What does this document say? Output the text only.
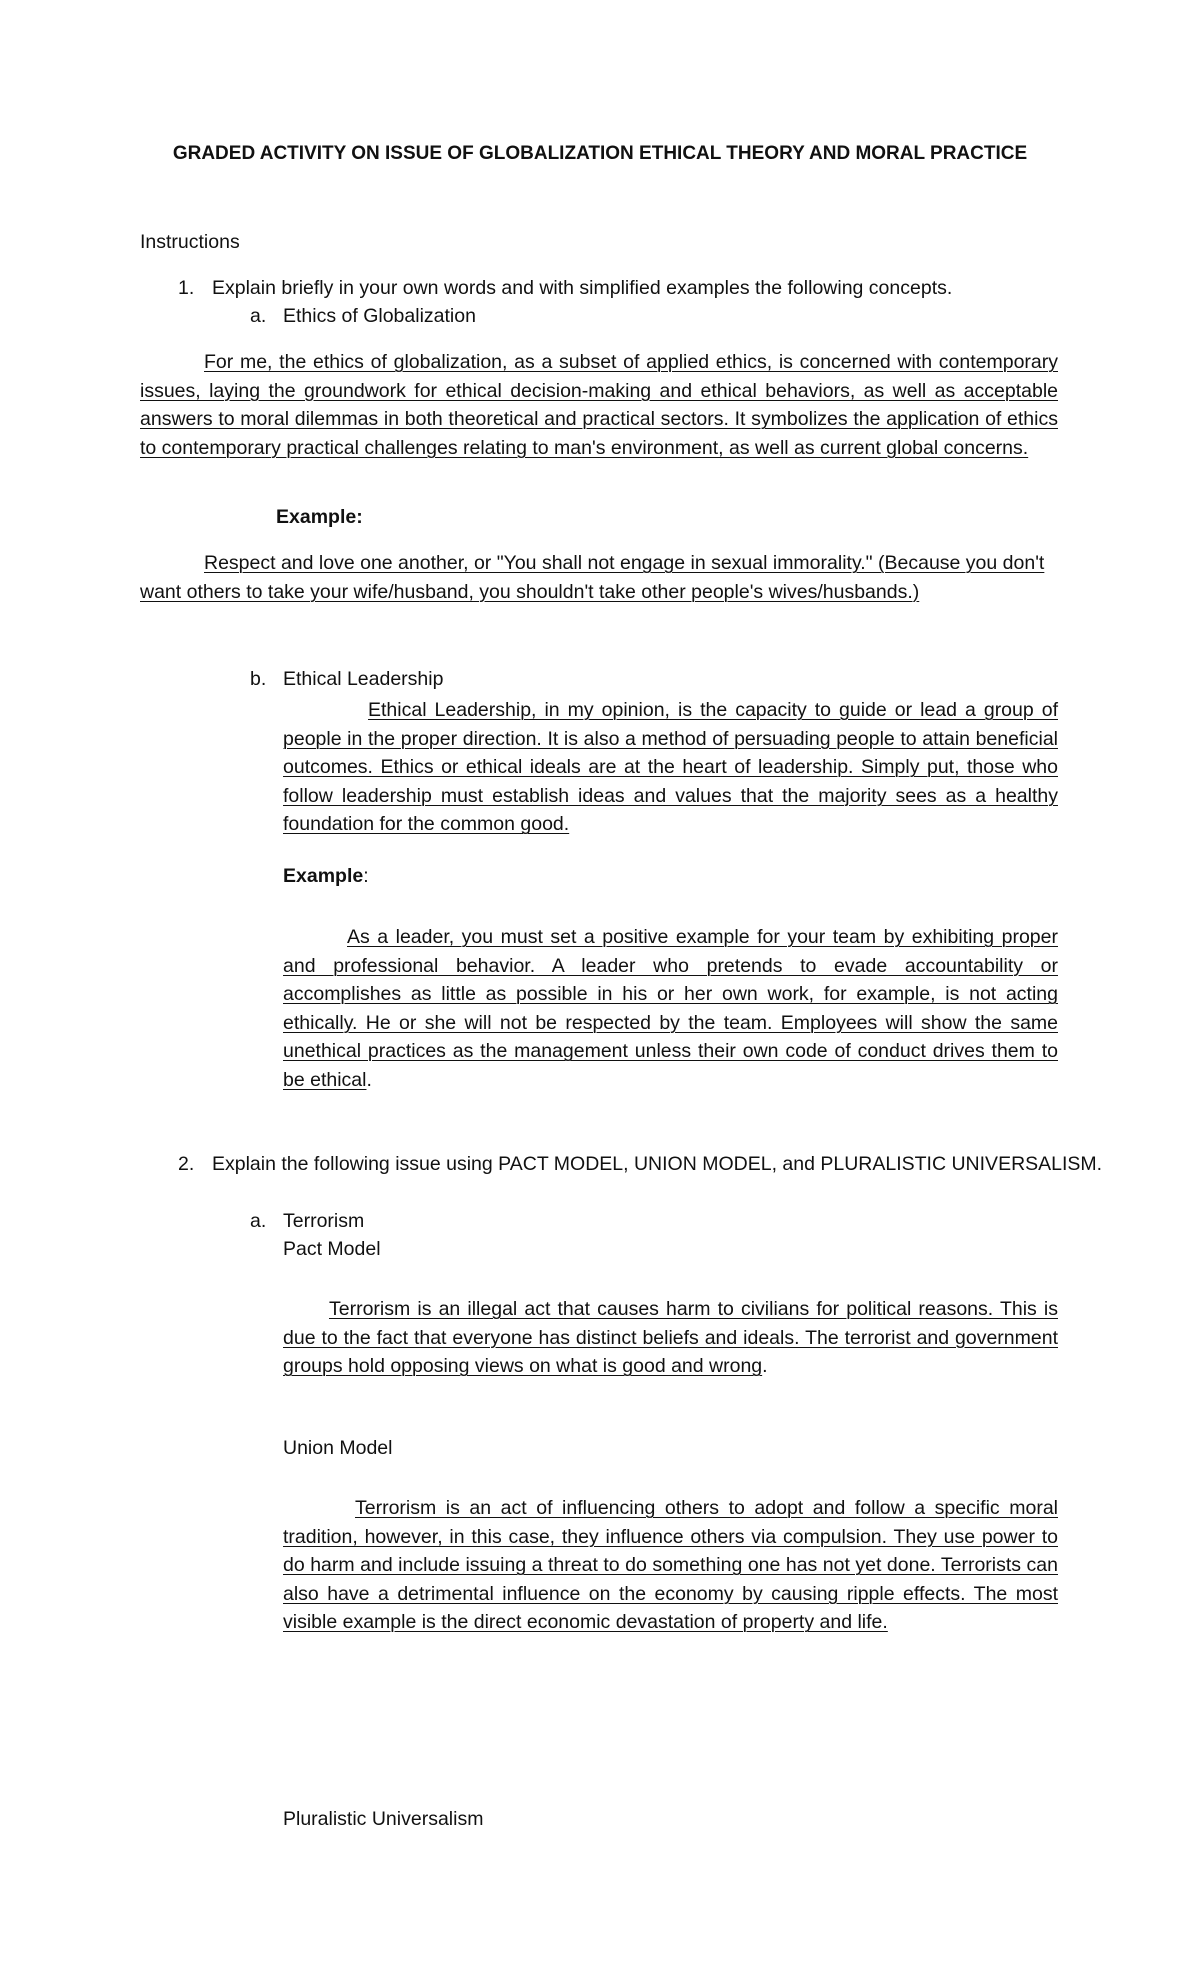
GRADED ACTIVITY ON ISSUE OF GLOBALIZATION ETHICAL THEORY AND MORAL PRACTICE
Instructions
1. Explain briefly in your own words and with simplified examples the following concepts.
a. Ethics of Globalization
For me, the ethics of globalization, as a subset of applied ethics, is concerned with contemporary issues, laying the groundwork for ethical decision-making and ethical behaviors, as well as acceptable answers to moral dilemmas in both theoretical and practical sectors. It symbolizes the application of ethics to contemporary practical challenges relating to man's environment, as well as current global concerns.
Example:
Respect and love one another, or "You shall not engage in sexual immorality." (Because you don't want others to take your wife/husband, you shouldn't take other people's wives/husbands.)
b. Ethical Leadership
Ethical Leadership, in my opinion, is the capacity to guide or lead a group of people in the proper direction. It is also a method of persuading people to attain beneficial outcomes. Ethics or ethical ideals are at the heart of leadership. Simply put, those who follow leadership must establish ideas and values that the majority sees as a healthy foundation for the common good.
Example:
As a leader, you must set a positive example for your team by exhibiting proper and professional behavior. A leader who pretends to evade accountability or accomplishes as little as possible in his or her own work, for example, is not acting ethically. He or she will not be respected by the team. Employees will show the same unethical practices as the management unless their own code of conduct drives them to be ethical.
2. Explain the following issue using PACT MODEL, UNION MODEL, and PLURALISTIC UNIVERSALISM.
a. Terrorism
Pact Model
Terrorism is an illegal act that causes harm to civilians for political reasons. This is due to the fact that everyone has distinct beliefs and ideals. The terrorist and government groups hold opposing views on what is good and wrong.
Union Model
Terrorism is an act of influencing others to adopt and follow a specific moral tradition, however, in this case, they influence others via compulsion. They use power to do harm and include issuing a threat to do something one has not yet done. Terrorists can also have a detrimental influence on the economy by causing ripple effects. The most visible example is the direct economic devastation of property and life.
Pluralistic Universalism
